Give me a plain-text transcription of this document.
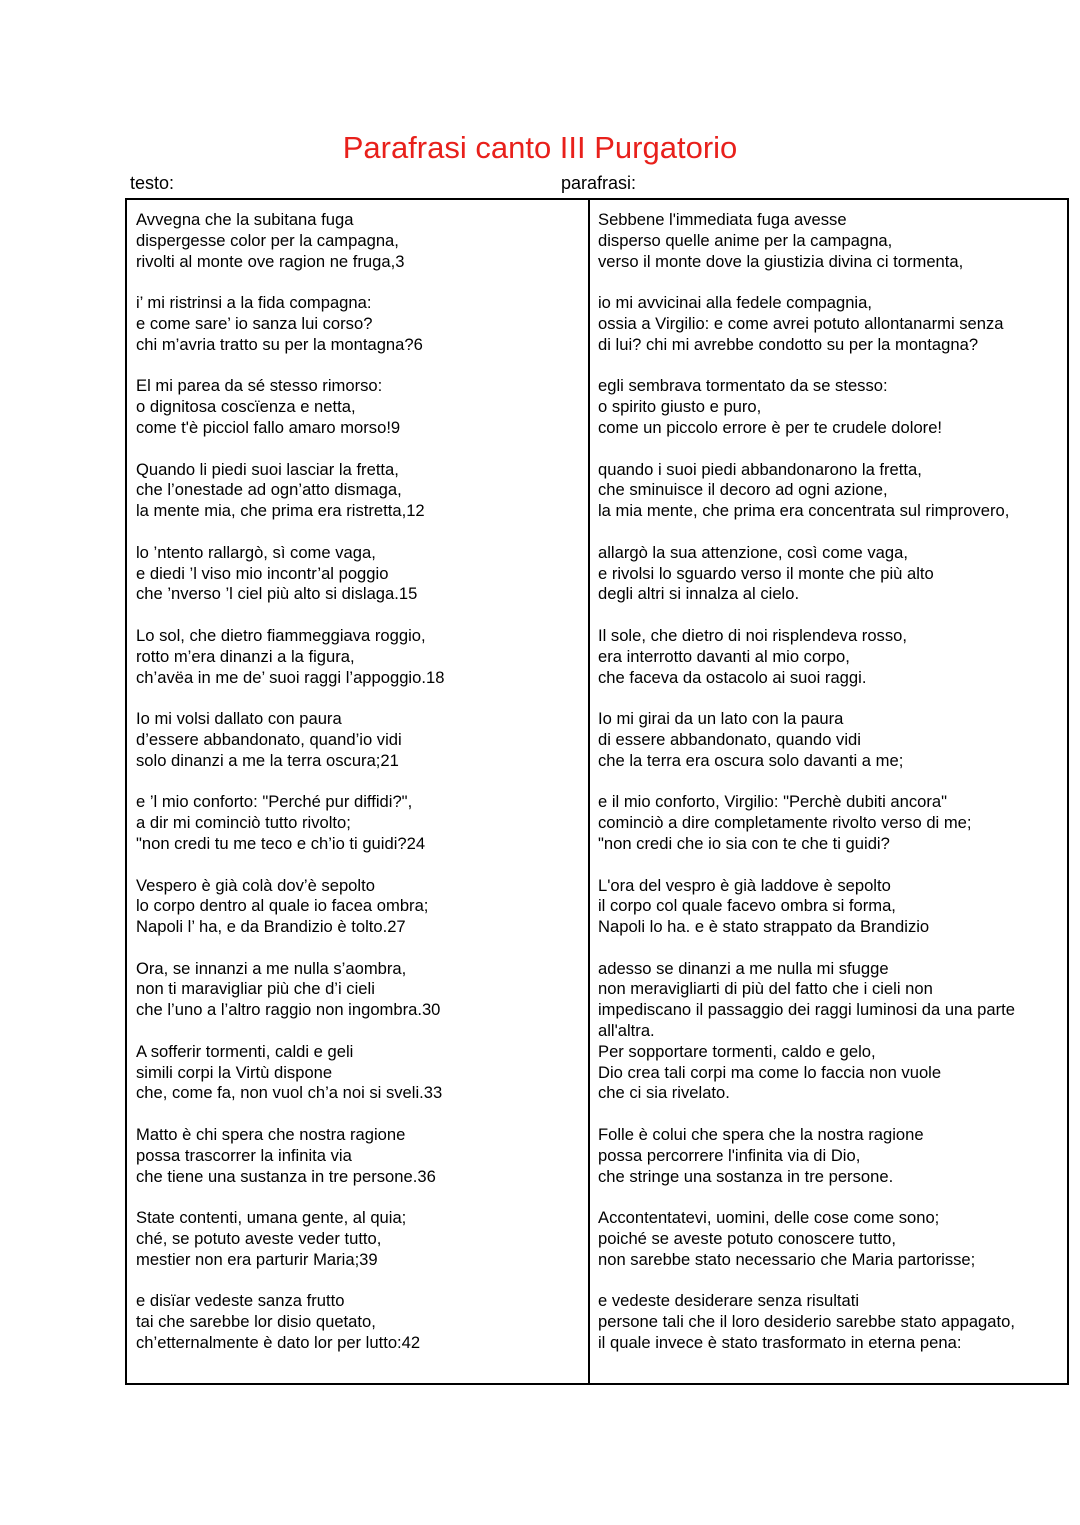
Parafrasi canto III Purgatorio

testo:	parafrasi:

Avvegna che la subitana fuga
dispergesse color per la campagna,
rivolti al monte ove ragion ne fruga,3
i’ mi ristrinsi a la fida compagna:
e come sare’ io sanza lui corso?
chi m’avria tratto su per la montagna?6
El mi parea da sé stesso rimorso:
o dignitosa coscïenza e netta,
come t'è picciol fallo amaro morso!9
Quando li piedi suoi lasciar la fretta,
che l’onestade ad ogn’atto dismaga,
la mente mia, che prima era ristretta,12
lo ’ntento rallargò, sì come vaga,
e diedi ’l viso mio incontr’al poggio
che ’nverso ’l ciel più alto si dislaga.15
Lo sol, che dietro fiammeggiava roggio,
rotto m’era dinanzi a la figura,
ch’avëa in me de’ suoi raggi l’appoggio.18
Io mi volsi dallato con paura
d’essere abbandonato, quand’io vidi
solo dinanzi a me la terra oscura;21
e ’l mio conforto: "Perché pur diffidi?",
a dir mi cominciò tutto rivolto;
"non credi tu me teco e ch’io ti guidi?24
Vespero è già colà dov’è sepolto
lo corpo dentro al quale io facea ombra;
Napoli l’ ha, e da Brandizio è tolto.27
Ora, se innanzi a me nulla s’aombra,
non ti maravigliar più che d’i cieli
che l’uno a l’altro raggio non ingombra.30
A sofferir tormenti, caldi e geli
simili corpi la Virtù dispone
che, come fa, non vuol ch’a noi si sveli.33
Matto è chi spera che nostra ragione
possa trascorrer la infinita via
che tiene una sustanza in tre persone.36
State contenti, umana gente, al quia;
ché, se potuto aveste veder tutto,
mestier non era parturir Maria;39
e disïar vedeste sanza frutto
tai che sarebbe lor disio quetato,
ch’etternalmente è dato lor per lutto:42
Sebbene l'immediata fuga avesse
disperso quelle anime per la campagna,
verso il monte dove la giustizia divina ci tormenta,
io mi avvicinai alla fedele compagnia,
ossia a Virgilio: e come avrei potuto allontanarmi senza
di lui? chi mi avrebbe condotto su per la montagna?
egli sembrava tormentato da se stesso:
o spirito giusto e puro,
come un piccolo errore è per te crudele dolore!
quando i suoi piedi abbandonarono la fretta,
che sminuisce il decoro ad ogni azione,
la mia mente, che prima era concentrata sul rimprovero,
allargò la sua attenzione, così come vaga,
e rivolsi lo sguardo verso il monte che più alto
degli altri si innalza al cielo.
Il sole, che dietro di noi risplendeva rosso,
era interrotto davanti al mio corpo,
che faceva da ostacolo ai suoi raggi.
Io mi girai da un lato con la paura
di essere abbandonato, quando vidi
che la terra era oscura solo davanti a me;
e il mio conforto, Virgilio: "Perchè dubiti ancora"
cominciò a dire completamente rivolto verso di me;
"non credi che io sia con te che ti guidi?
L'ora del vespro è già laddove è sepolto
il corpo col quale facevo ombra si forma,
Napoli lo ha. e è stato strappato da Brandizio
adesso se dinanzi a me nulla mi sfugge
non meravigliarti di più del fatto che i cieli non
impediscano il passaggio dei raggi luminosi da una parte
all'altra.
Per sopportare tormenti, caldo e gelo,
Dio crea tali corpi ma come lo faccia non vuole
che ci sia rivelato.
Folle è colui che spera che la nostra ragione
possa percorrere l'infinita via di Dio,
che stringe una sostanza in tre persone.
Accontentatevi, uomini, delle cose come sono;
poiché se aveste potuto conoscere tutto,
non sarebbe stato necessario che Maria partorisse;
e vedeste desiderare senza risultati
persone tali che il loro desiderio sarebbe stato appagato,
il quale invece è stato trasformato in eterna pena:
